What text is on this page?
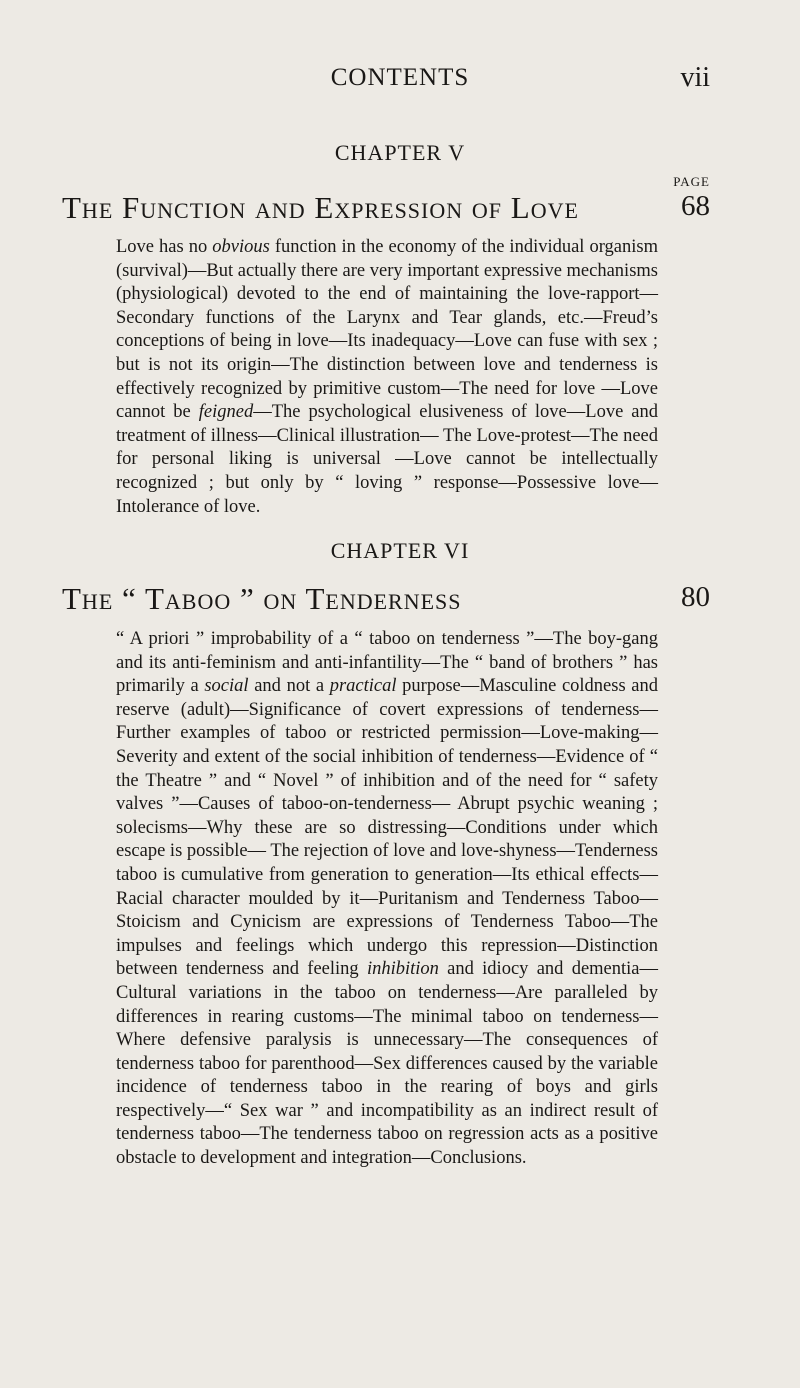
CONTENTS	vii
CHAPTER V
PAGE
The Function and Expression of Love	68

Love has no obvious function in the economy of the individual organism (survival)—But actually there are very important expressive mechanisms (physiological) devoted to the end of maintaining the love-rapport—Secondary functions of the Larynx and Tear glands, etc.—Freud’s conceptions of being in love—Its inadequacy—Love can fuse with sex ; but is not its origin—The distinction between love and tenderness is effectively recognized by primitive custom—The need for love —Love cannot be feigned—The psychological elusiveness of love—Love and treatment of illness—Clinical illustration— The Love-protest—The need for personal liking is universal —Love cannot be intellectually recognized ; but only by “ loving ” response—Possessive love—Intolerance of love.

CHAPTER VI
The “ Taboo ” on Tenderness	80

“ A priori ” improbability of a “ taboo on tenderness ”—The boy-gang and its anti-feminism and anti-infantility—The “ band of brothers ” has primarily a social and not a practical purpose—Masculine coldness and reserve (adult)—Significance of covert expressions of tenderness—Further examples of taboo or restricted permission—Love-making—Severity and extent of the social inhibition of tenderness—Evidence of “ the Theatre ” and “ Novel ” of inhibition and of the need for “ safety valves ”—Causes of taboo-on-tenderness— Abrupt psychic weaning ; solecisms—Why these are so distressing—Conditions under which escape is possible— The rejection of love and love-shyness—Tenderness taboo is cumulative from generation to generation—Its ethical effects—Racial character moulded by it—Puritanism and Tenderness Taboo—Stoicism and Cynicism are expressions of Tenderness Taboo—The impulses and feelings which undergo this repression—Distinction between tenderness and feeling inhibition and idiocy and dementia—Cultural variations in the taboo on tenderness—Are paralleled by differences in rearing customs—The minimal taboo on tenderness—Where defensive paralysis is unnecessary—The consequences of tenderness taboo for parenthood—Sex differences caused by the variable incidence of tenderness taboo in the rearing of boys and girls respectively—“ Sex war ” and incompatibility as an indirect result of tenderness taboo—The tenderness taboo on regression acts as a positive obstacle to development and integration—Conclusions.
